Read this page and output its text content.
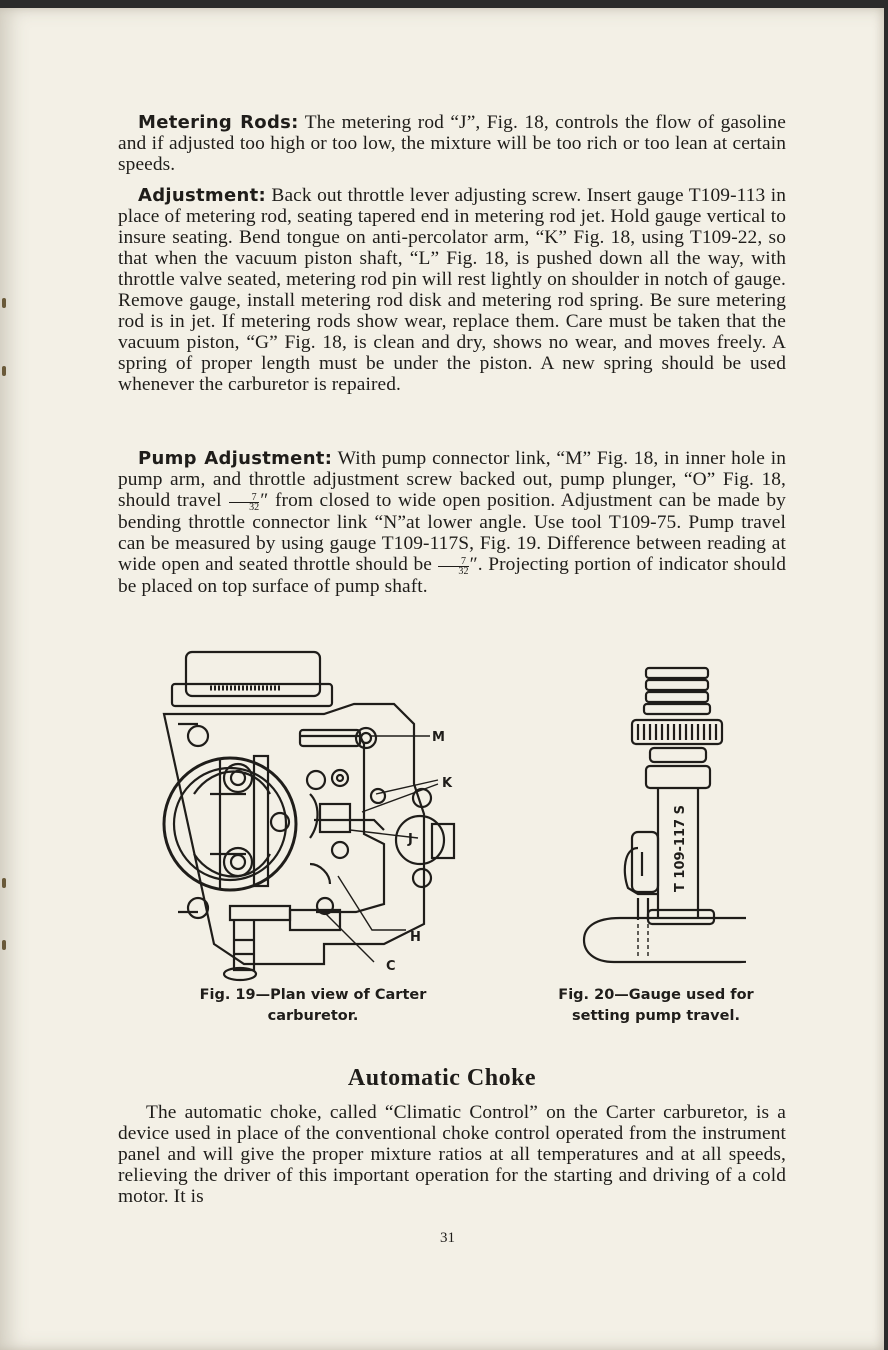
Metering Rods: The metering rod “J”, Fig. 18, controls the flow of gasoline and if adjusted too high or too low, the mixture will be too rich or too lean at certain speeds.

Adjustment: Back out throttle lever adjusting screw. Insert gauge T109-113 in place of metering rod, seating tapered end in metering rod jet. Hold gauge vertical to insure seating. Bend tongue on anti-percolator arm, “K” Fig. 18, using T109-22, so that when the vacuum piston shaft, “L” Fig. 18, is pushed down all the way, with throttle valve seated, metering rod pin will rest lightly on shoulder in notch of gauge. Remove gauge, install metering rod disk and metering rod spring. Be sure metering rod is in jet. If metering rods show wear, replace them. Care must be taken that the vacuum piston, “G” Fig. 18, is clean and dry, shows no wear, and moves freely. A spring of proper length must be under the piston. A new spring should be used whenever the carburetor is repaired.

Pump Adjustment: With pump connector link, “M” Fig. 18, in inner hole in pump arm, and throttle adjustment screw backed out, pump plunger, “O” Fig. 18, should travel $\frac{7}{32}$ ″ from closed to wide open position. Adjustment can be made by bending throttle connector link “N”at lower angle. Use tool T109-75. Pump travel can be measured by using gauge T109-117S, Fig. 19. Difference between reading at wide open and seated throttle should be $\frac{7}{32}$ ″. Projecting portion of indicator should be placed on top surface of pump shaft.

M
K
J
H
C
Fig. 19—Plan view of Carter
carburetor.
T 109-117 S
Fig. 20—Gauge used for
setting pump travel.
Automatic Choke

The automatic choke, called “Climatic Control” on the Carter carburetor, is a device used in place of the conventional choke control operated from the instrument panel and will give the proper mixture ratios at all temperatures and at all speeds, relieving the driver of this important operation for the starting and driving of a cold motor. It is

31
